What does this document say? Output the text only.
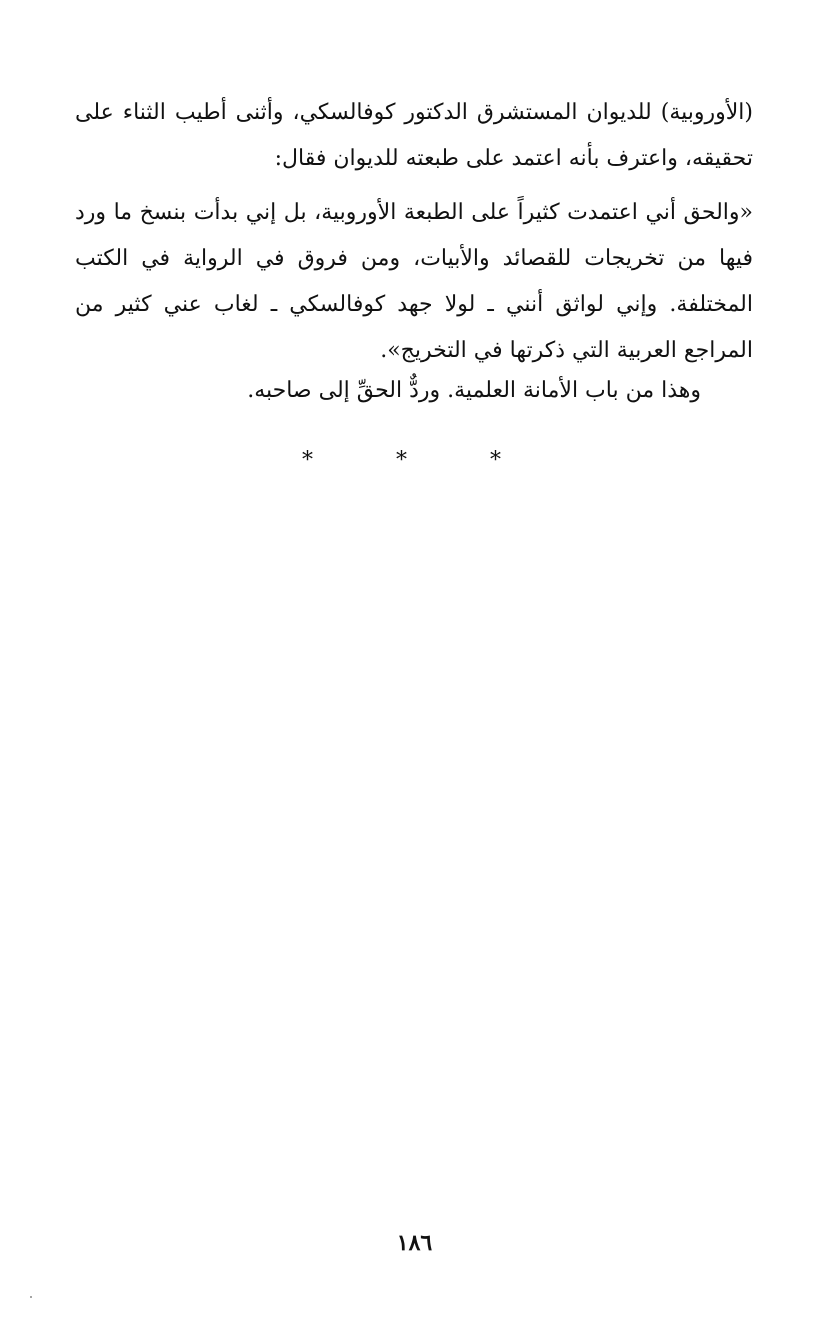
(الأوروبية) للديوان المستشرق الدكتور كوفالسكي، وأثنى أطيب الثناء على تحقيقه، واعترف بأنه اعتمد على طبعته للديوان فقال:

«والحق أني اعتمدت كثيراً على الطبعة الأوروبية، بل إني بدأت بنسخ ما ورد فيها من تخريجات للقصائد والأبيات، ومن فروق في الرواية في الكتب المختلفة. وإني لواثق أنني ـ لولا جهد كوفالسكي ـ لغاب عني كثير من المراجع العربية التي ذكرتها في التخريج».

وهذا من باب الأمانة العلمية. وردٌّ الحقِّ إلى صاحبه.

*	*	*
١٨٦
